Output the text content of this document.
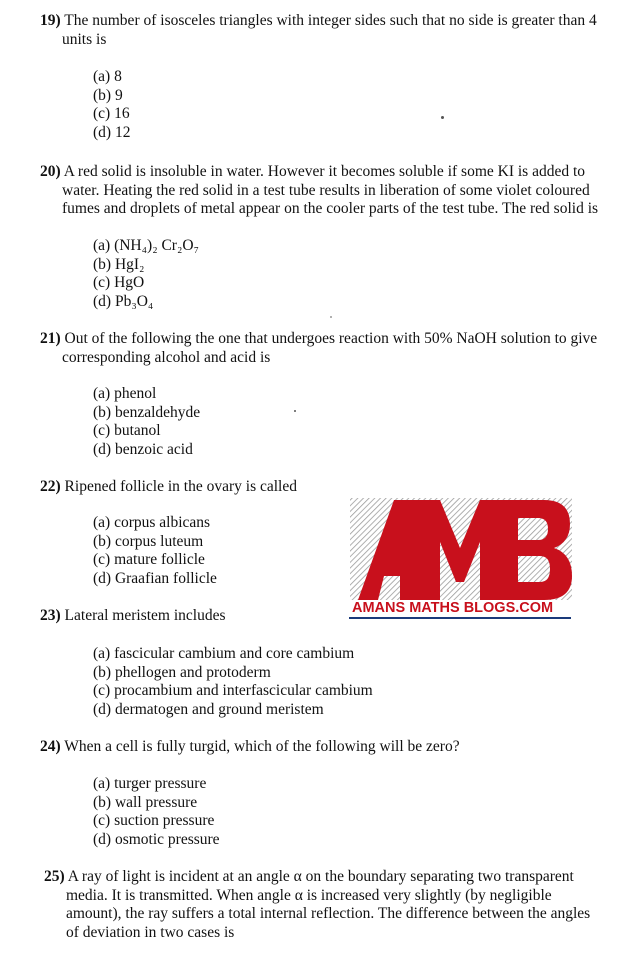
19) The number of isosceles triangles with integer sides such that no side is greater than 4
units is
(a) 8
(b) 9
(c) 16
(d) 12
20) A red solid is insoluble in water. However it becomes soluble if some KI is added to
water. Heating the red solid in a test tube results in liberation of some violet coloured
fumes and droplets of metal appear on the cooler parts of the test tube. The red solid is
(a) (NH₄)₂ Cr₂O₇
(b) HgI₂
(c) HgO
(d) Pb₃O₄
21) Out of the following the one that undergoes reaction with 50% NaOH solution to give
corresponding alcohol and acid is
(a) phenol
(b) benzaldehyde
(c) butanol
(d) benzoic acid
22) Ripened follicle in the ovary is called
(a) corpus albicans
(b) corpus luteum
(c) mature follicle
(d) Graafian follicle
23) Lateral meristem includes
(a) fascicular cambium and core cambium
(b) phellogen and protoderm
(c) procambium and interfascicular cambium
(d) dermatogen and ground meristem
24) When a cell is fully turgid, which of the following will be zero?
(a) turger pressure
(b) wall pressure
(c) suction pressure
(d) osmotic pressure
25) A ray of light is incident at an angle α on the boundary separating two transparent
media. It is transmitted. When angle α is increased very slightly (by negligible
amount), the ray suffers a total internal reflection. The difference between the angles
of deviation in two cases is
AMANS MATHS BLOGS.COM
